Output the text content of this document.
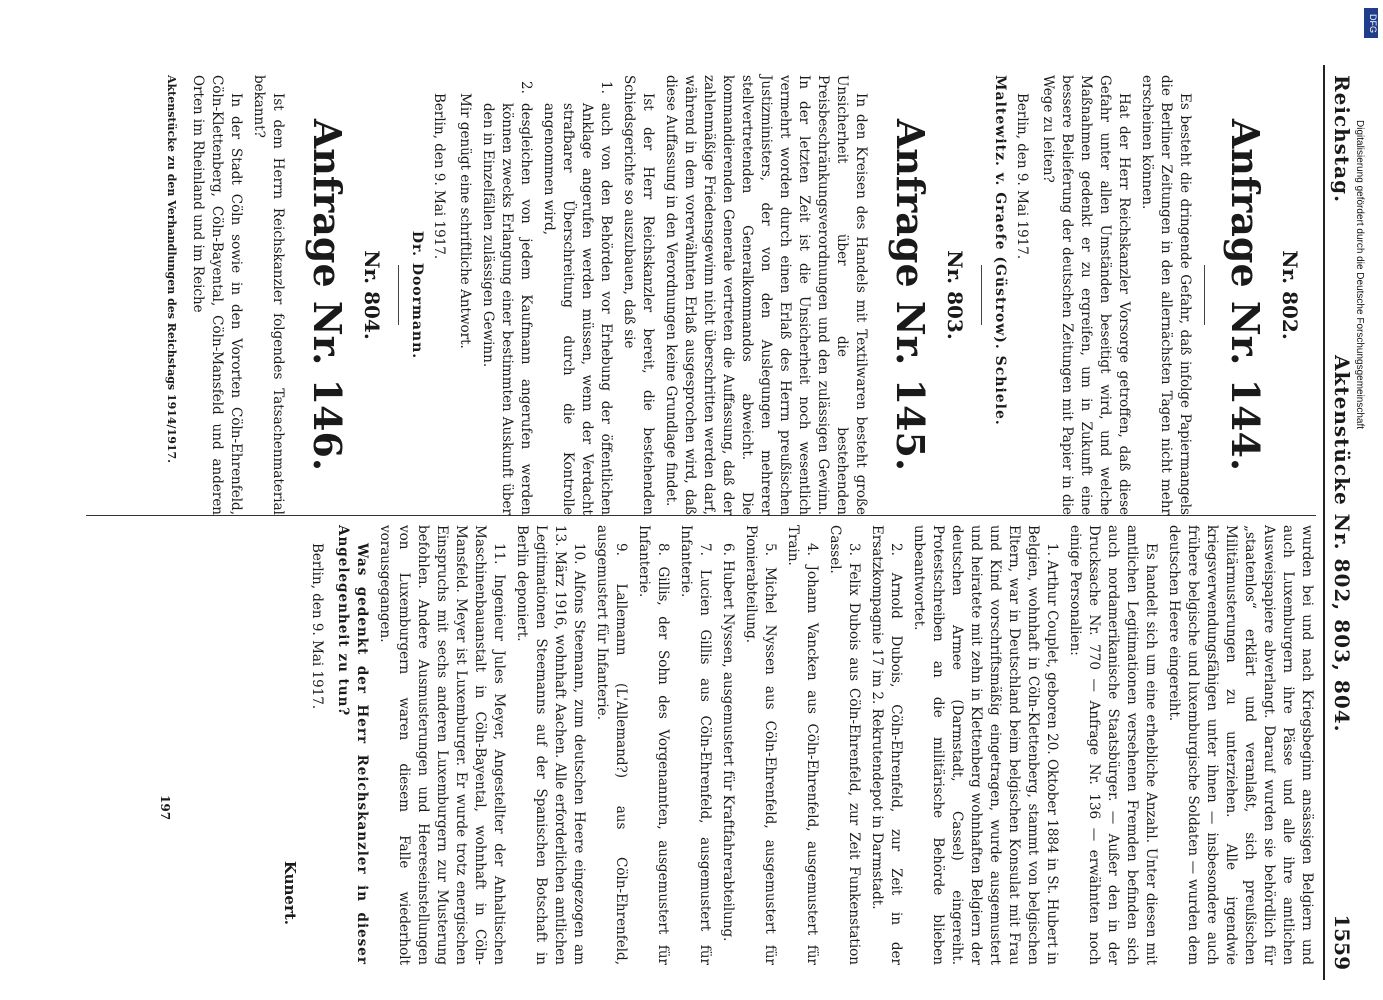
Reichstag.
Aktenstücke Nr. 802, 803, 804.
1559
Nr. 802.
Anfrage Nr. 144.

Es besteht die dringende Gefahr, daß infolge Papiermangels die Berliner Zeitungen in den allernächsten Tagen nicht mehr erscheinen können.

Hat der Herr Reichskanzler Vorsorge getroffen, daß diese Gefahr unter allen Umständen beseitigt wird, und welche Maßnahmen gedenkt er zu ergreifen, um in Zukunft eine bessere Belieferung der deutschen Zeitungen mit Papier in die Wege zu leiten?

Berlin, den 9. Mai 1917.
Maltewitz. v. Graefe (Güstrow). Schiele.
Nr. 803.
Anfrage Nr. 145.

In den Kreisen des Handels mit Textilwaren besteht große Unsicherheit über die bestehenden Preisbeschränkungsverordnungen und den zulässigen Gewinn. In der letzten Zeit ist die Unsicherheit noch wesentlich vermehrt worden durch einen Erlaß des Herrn preußischen Justizministers, der von den Auslegungen mehrerer stellvertretenden Generalkommandos abweicht. Die kommandierenden Generale vertreten die Auffassung, daß der zahlenmäßige Friedensgewinn nicht überschritten werden darf, während in dem vorerwähnten Erlaß ausgesprochen wird, daß diese Auffassung in den Verordnungen keine Grundlage findet.

Ist der Herr Reichskanzler bereit, die bestehenden Schiedsgerichte so auszubauen, daß sie

1.
auch von den Behörden vor Erhebung der öffentlichen Anklage angerufen werden müssen, wenn der Verdacht strafbarer Überschreitung durch die Kontrolle angenommen wird,

2.
desgleichen von jedem Kaufmann angerufen werden können zwecks Erlangung einer bestimmten Auskunft über den in Einzelfällen zulässigen Gewinn.

Mir genügt eine schriftliche Antwort.

Berlin, den 9. Mai 1917.
Dr. Doormann.
Nr. 804.
Anfrage Nr. 146.

Ist dem Herrn Reichskanzler folgendes Tatsachenmaterial bekannt?

In der Stadt Cöln sowie in den Vororten Cöln-Ehrenfeld, Cöln-Klettenberg, Cöln-Bayental, Cöln-Mansfeld und anderen Orten im Rheinland und im Reiche

Aktenstücke zu den Verhandlungen des Reichstags 1914/1917.

wurden bei und nach Kriegsbeginn ansässigen Belgiern und auch Luxemburgern ihre Pässe und alle ihre amtlichen Ausweispapiere abverlangt. Darauf wurden sie behördlich für „staatenlos“ erklärt und veranlaßt, sich preußischen Militärmusterungen zu unterziehen. Alle irgendwie kriegsverwendungsfähigen unter ihnen — insbesondere auch frühere belgische und luxemburgische Soldaten — wurden dem deutschen Heere eingereiht.

Es handelt sich um eine erhebliche Anzahl. Unter diesen mit amtlichen Legitimationen versehenen Fremden befinden sich auch nordamerikanische Staatsbürger. — Außer den in der Drucksache Nr. 770 — Anfrage Nr. 136 — erwähnten noch einige Personalien:

1. Arthur Couplet, geboren 20. Oktober 1884 in St. Hubert in Belgien, wohnhaft in Cöln-Klettenberg, stammt von belgischen Eltern, war in Deutschland beim belgischen Konsulat mit Frau und Kind vorschriftsmäßig eingetragen, wurde ausgemustert und heiratete mit zehn in Klettenberg wohnhaften Belgiern der deutschen Armee (Darmstadt, Cassel) eingereiht. Protestschreiben an die militärische Behörde blieben unbeantwortet.

2. Arnold Dubois, Cöln-Ehrenfeld, zur Zeit in der Ersatzkompagnie 17 im 2. Rekrutendepot in Darmstadt.

3. Felix Dubois aus Cöln-Ehrenfeld, zur Zeit Funkenstation Cassel.

4. Johann Vancken aus Cöln-Ehrenfeld, ausgemustert für Train.

5. Michel Nyssen aus Cöln-Ehrenfeld, ausgemustert für Pionierabteilung.

6. Hubert Nyssen, ausgemustert für Kraftfahrerabteilung.

7. Lucien Gillis aus Cöln-Ehrenfeld, ausgemustert für Infanterie.

8. Gillis, der Sohn des Vorgenannten, ausgemustert für Infanterie.

9. Lallemann (L'Allemand?) aus Cöln-Ehrenfeld, ausgemustert für Infanterie.

10. Alfons Steemann, zum deutschen Heere eingezogen am 13. März 1916, wohnhaft Aachen. Alle erforderlichen amtlichen Legitimationen Steemanns auf der Spanischen Botschaft in Berlin deponiert.

11. Ingenieur Jules Meyer, Angestellter der Anhaltischen Maschinenbauanstalt in Cöln-Bayental, wohnhaft in Cöln-Mansfeld. Meyer ist Luxemburger. Er wurde trotz energischen Einspruchs mit sechs anderen Luxemburgern zur Musterung befohlen. Andere Ausmusterungen und Heereseinstellungen von Luxemburgern waren diesem Falle wiederholt vorausgegangen.

Was gedenkt der Herr Reichskanzler in dieser Angelegenheit zu tun?

Berlin, den 9. Mai 1917.
Kunert.
197
Digitalisierung gefördert durch die Deutsche Forschungsgemeinschaft
DFG
